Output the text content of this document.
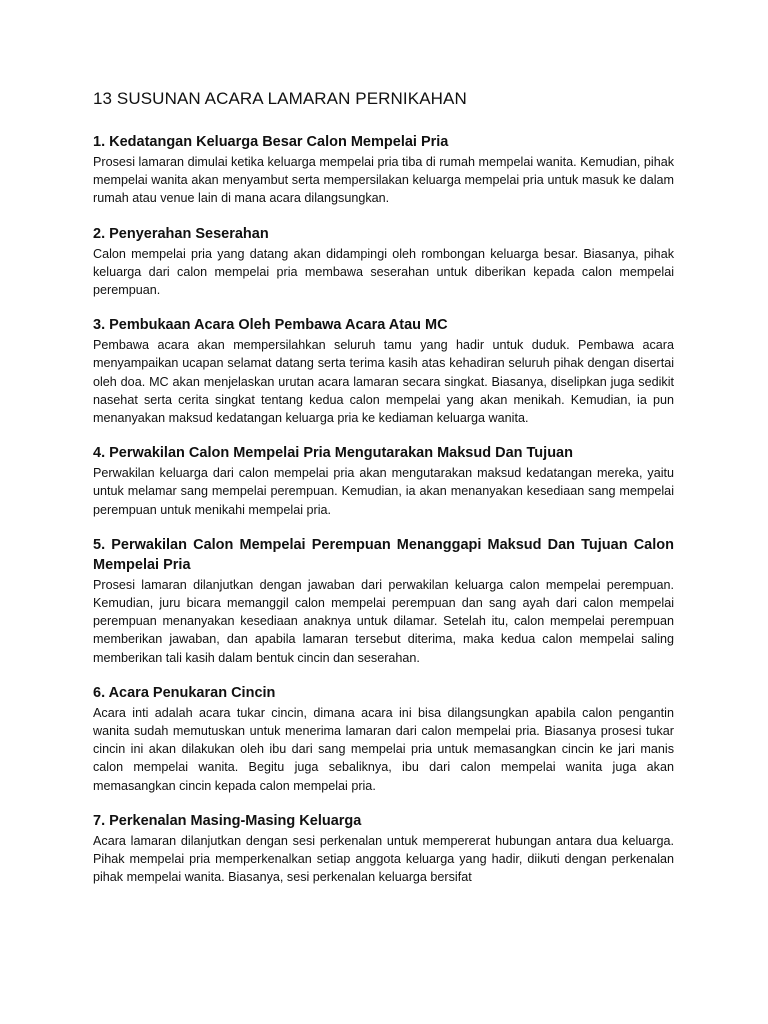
13 SUSUNAN ACARA LAMARAN PERNIKAHAN
1. Kedatangan Keluarga Besar Calon Mempelai Pria

Prosesi lamaran dimulai ketika keluarga mempelai pria tiba di rumah mempelai wanita. Kemudian, pihak mempelai wanita akan menyambut serta mempersilakan keluarga mempelai pria untuk masuk ke dalam rumah atau venue lain di mana acara dilangsungkan.

2. Penyerahan Seserahan

Calon mempelai pria yang datang akan didampingi oleh rombongan keluarga besar. Biasanya, pihak keluarga dari calon mempelai pria membawa seserahan untuk diberikan kepada calon mempelai perempuan.

3. Pembukaan Acara Oleh Pembawa Acara Atau MC

Pembawa acara akan mempersilahkan seluruh tamu yang hadir untuk duduk. Pembawa acara menyampaikan ucapan selamat datang serta terima kasih atas kehadiran seluruh pihak dengan disertai oleh doa. MC akan menjelaskan urutan acara lamaran secara singkat. Biasanya, diselipkan juga sedikit nasehat serta cerita singkat tentang kedua calon mempelai yang akan menikah. Kemudian, ia pun menanyakan maksud kedatangan keluarga pria ke kediaman keluarga wanita.

4. Perwakilan Calon Mempelai Pria Mengutarakan Maksud Dan Tujuan

Perwakilan keluarga dari calon mempelai pria akan mengutarakan maksud kedatangan mereka, yaitu untuk melamar sang mempelai perempuan. Kemudian, ia akan menanyakan kesediaan sang mempelai perempuan untuk menikahi mempelai pria.

5. Perwakilan Calon Mempelai Perempuan Menanggapi Maksud Dan Tujuan Calon Mempelai Pria

Prosesi lamaran dilanjutkan dengan jawaban dari perwakilan keluarga calon mempelai perempuan. Kemudian, juru bicara memanggil calon mempelai perempuan dan sang ayah dari calon mempelai perempuan menanyakan kesediaan anaknya untuk dilamar. Setelah itu, calon mempelai perempuan memberikan jawaban, dan apabila lamaran tersebut diterima, maka kedua calon mempelai saling memberikan tali kasih dalam bentuk cincin dan seserahan.

6. Acara Penukaran Cincin

Acara inti adalah acara tukar cincin, dimana acara ini bisa dilangsungkan apabila calon pengantin wanita sudah memutuskan untuk menerima lamaran dari calon mempelai pria. Biasanya prosesi tukar cincin ini akan dilakukan oleh ibu dari sang mempelai pria untuk memasangkan cincin ke jari manis calon mempelai wanita. Begitu juga sebaliknya, ibu dari calon mempelai wanita juga akan memasangkan cincin kepada calon mempelai pria.

7. Perkenalan Masing-Masing Keluarga

Acara lamaran dilanjutkan dengan sesi perkenalan untuk mempererat hubungan antara dua keluarga. Pihak mempelai pria memperkenalkan setiap anggota keluarga yang hadir, diikuti dengan perkenalan pihak mempelai wanita. Biasanya, sesi perkenalan keluarga bersifat
